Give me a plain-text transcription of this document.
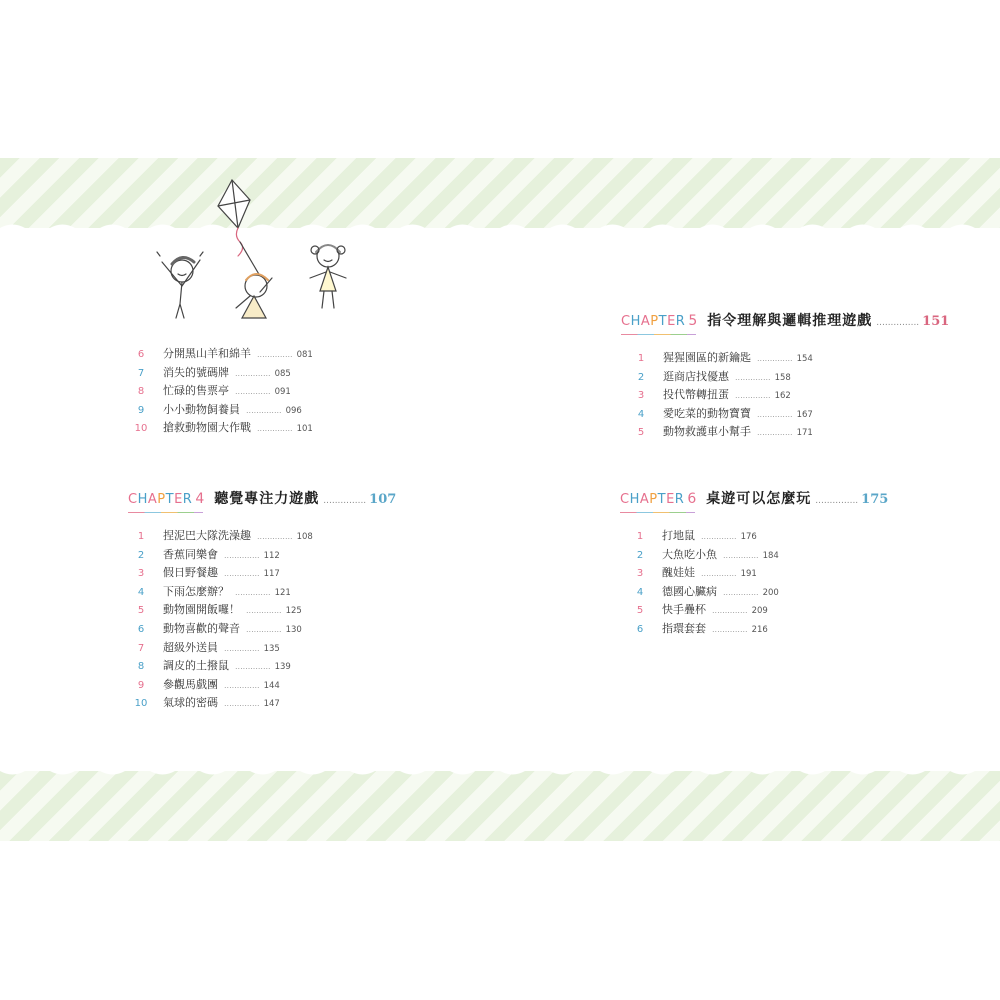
6	分開黑山羊和綿羊 .............. 081
7	消失的號碼牌 .............. 085
8	忙碌的售票亭 .............. 091
9	小小動物飼養員 .............. 096
10	搶救動物園大作戰 .............. 101
CHAPTER 4 聽覺專注力遊戲 ............... 107
1	捏泥巴大隊洗澡趣 .............. 108
2	香蕉同樂會 .............. 112
3	假日野餐趣 .............. 117
4	下雨怎麼辦？ .............. 121
5	動物園開飯囉！ .............. 125
6	動物喜歡的聲音 .............. 130
7	超級外送員 .............. 135
8	調皮的土撥鼠 .............. 139
9	參觀馬戲團 .............. 144
10	氣球的密碼 .............. 147
CHAPTER 5 指令理解與邏輯推理遊戲 ............... 151
1	猩猩園區的新鑰匙 .............. 154
2	逛商店找優惠 .............. 158
3	投代幣轉扭蛋 .............. 162
4	愛吃菜的動物寶寶 .............. 167
5	動物救護車小幫手 .............. 171
CHAPTER 6 桌遊可以怎麼玩 ............... 175
1	打地鼠 .............. 176
2	大魚吃小魚 .............. 184
3	醜娃娃 .............. 191
4	德國心臟病 .............. 200
5	快手疊杯 .............. 209
6	指環套套 .............. 216
